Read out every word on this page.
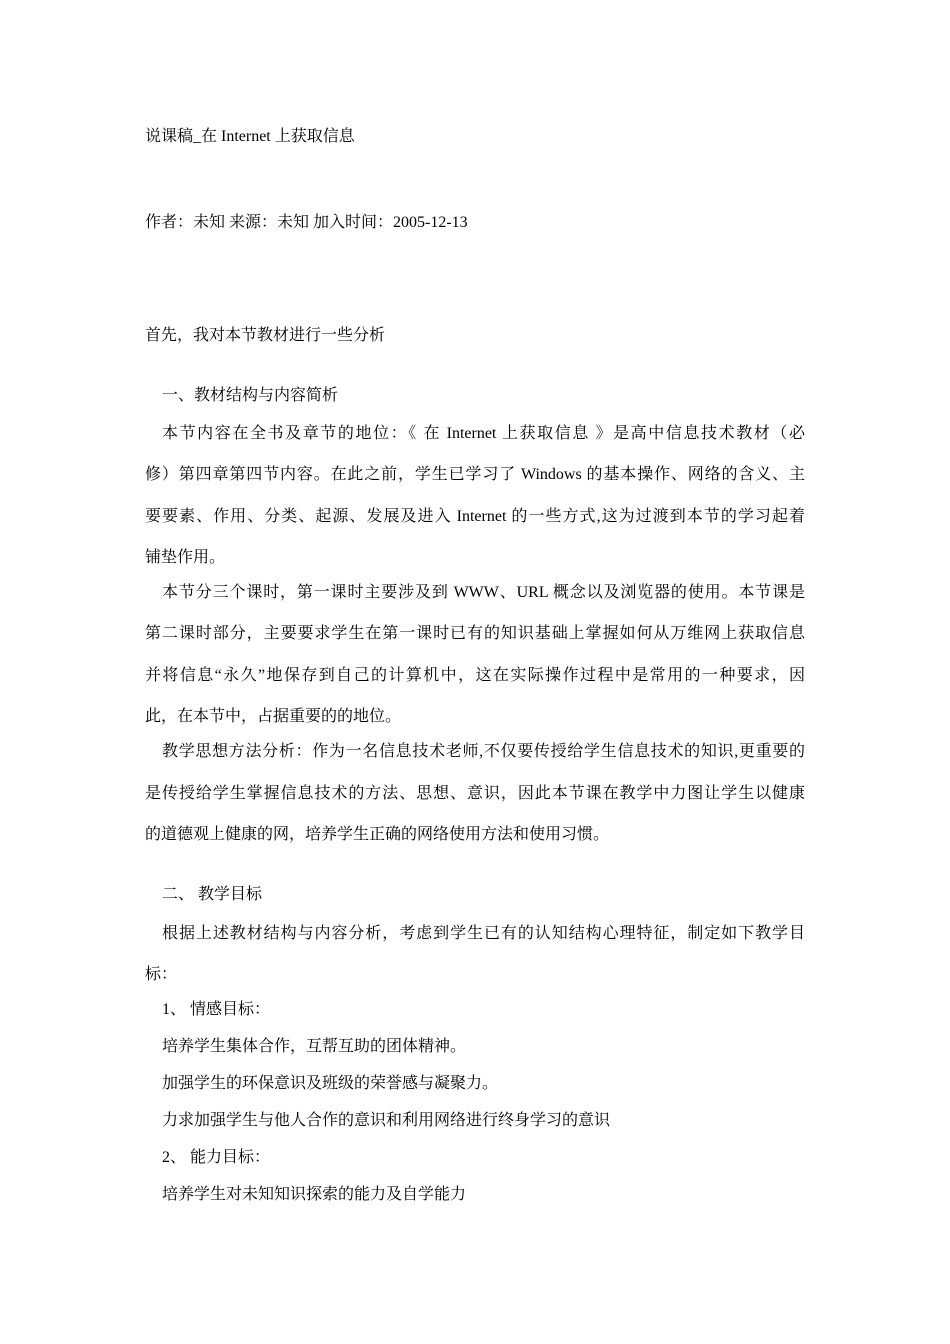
说课稿_在 Internet 上获取信息
作者：未知 来源：未知 加入时间：2005-12-13
首先，我对本节教材进行一些分析
一、教材结构与内容简析
本节内容在全书及章节的地位：《 在 Internet 上获取信息 》是高中信息技术教材（必
修）第四章第四节内容。在此之前，学生已学习了 Windows 的基本操作、网络的含义、主
要要素、作用、分类、起源、发展及进入 Internet 的一些方式,这为过渡到本节的学习起着
铺垫作用。
本节分三个课时，第一课时主要涉及到 WWW、URL 概念以及浏览器的使用。本节课是
第二课时部分，主要要求学生在第一课时已有的知识基础上掌握如何从万维网上获取信息
并将信息“永久”地保存到自己的计算机中，这在实际操作过程中是常用的一种要求，因
此，在本节中，占据重要的的地位。
教学思想方法分析：作为一名信息技术老师,不仅要传授给学生信息技术的知识,更重要的
是传授给学生掌握信息技术的方法、思想、意识，因此本节课在教学中力图让学生以健康
的道德观上健康的网，培养学生正确的网络使用方法和使用习惯。
二、 教学目标
根据上述教材结构与内容分析，考虑到学生已有的认知结构心理特征，制定如下教学目
标：
1、 情感目标：
培养学生集体合作，互帮互助的团体精神。
加强学生的环保意识及班级的荣誉感与凝聚力。
力求加强学生与他人合作的意识和利用网络进行终身学习的意识
2、 能力目标：
培养学生对未知知识探索的能力及自学能力
